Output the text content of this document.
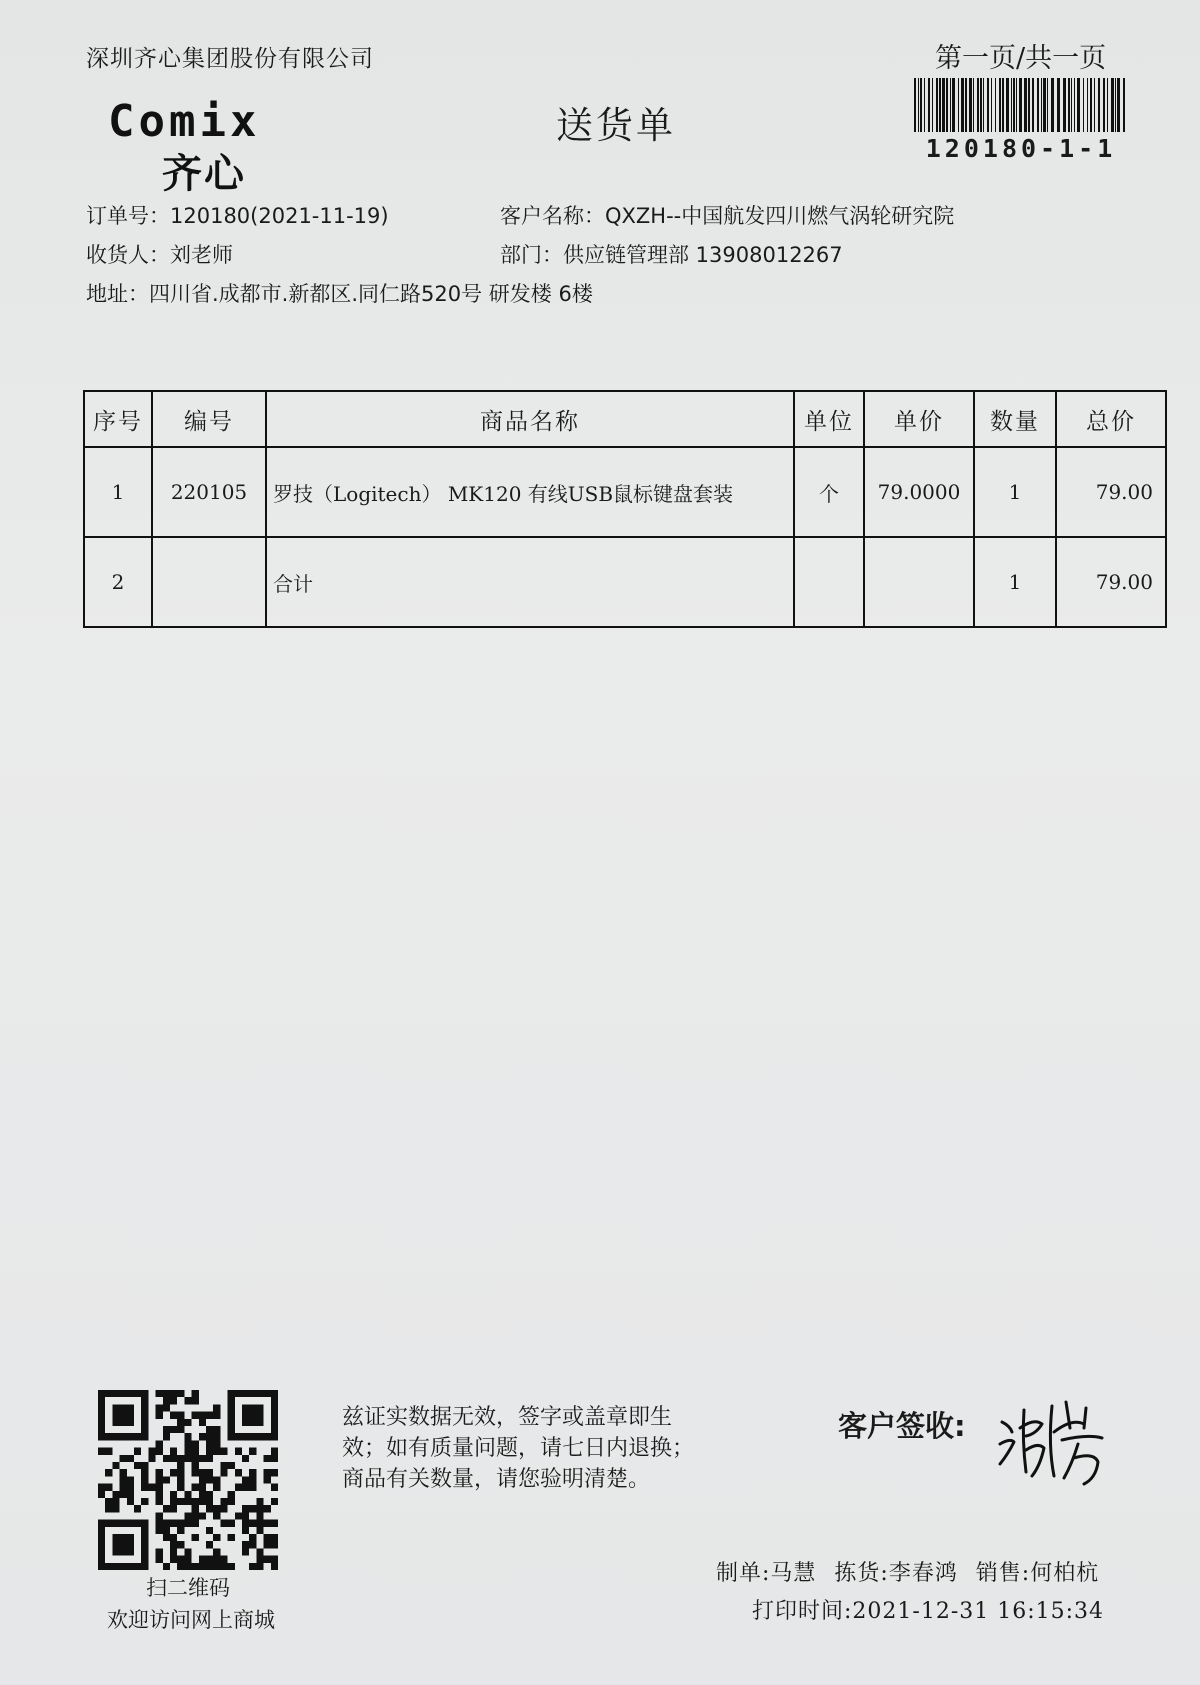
深圳齐心集团股份有限公司	第一页/共一页
Comix
齐心
送货单
120180-1-1
订单号：120180(2021-11-19)	客户名称：QXZH--中国航发四川燃气涡轮研究院
收货人：刘老师	部门：供应链管理部 13908012267
地址：四川省.成都市.新都区.同仁路520号 研发楼 6楼
序号	编号	商品名称	单位	单价	数量	总价
1	220105	罗技（Logitech） MK120 有线USB鼠标键盘套装	个	79.0000	1	79.00
2		合计			1	79.00
扫二维码
欢迎访问网上商城
兹证实数据无效，签字或盖章即生
效；如有质量问题，请七日内退换；
商品有关数量，请您验明清楚。
客户签收:
制单:马慧 拣货:李春鸿 销售:何柏杭
打印时间:2021-12-31 16:15:34
